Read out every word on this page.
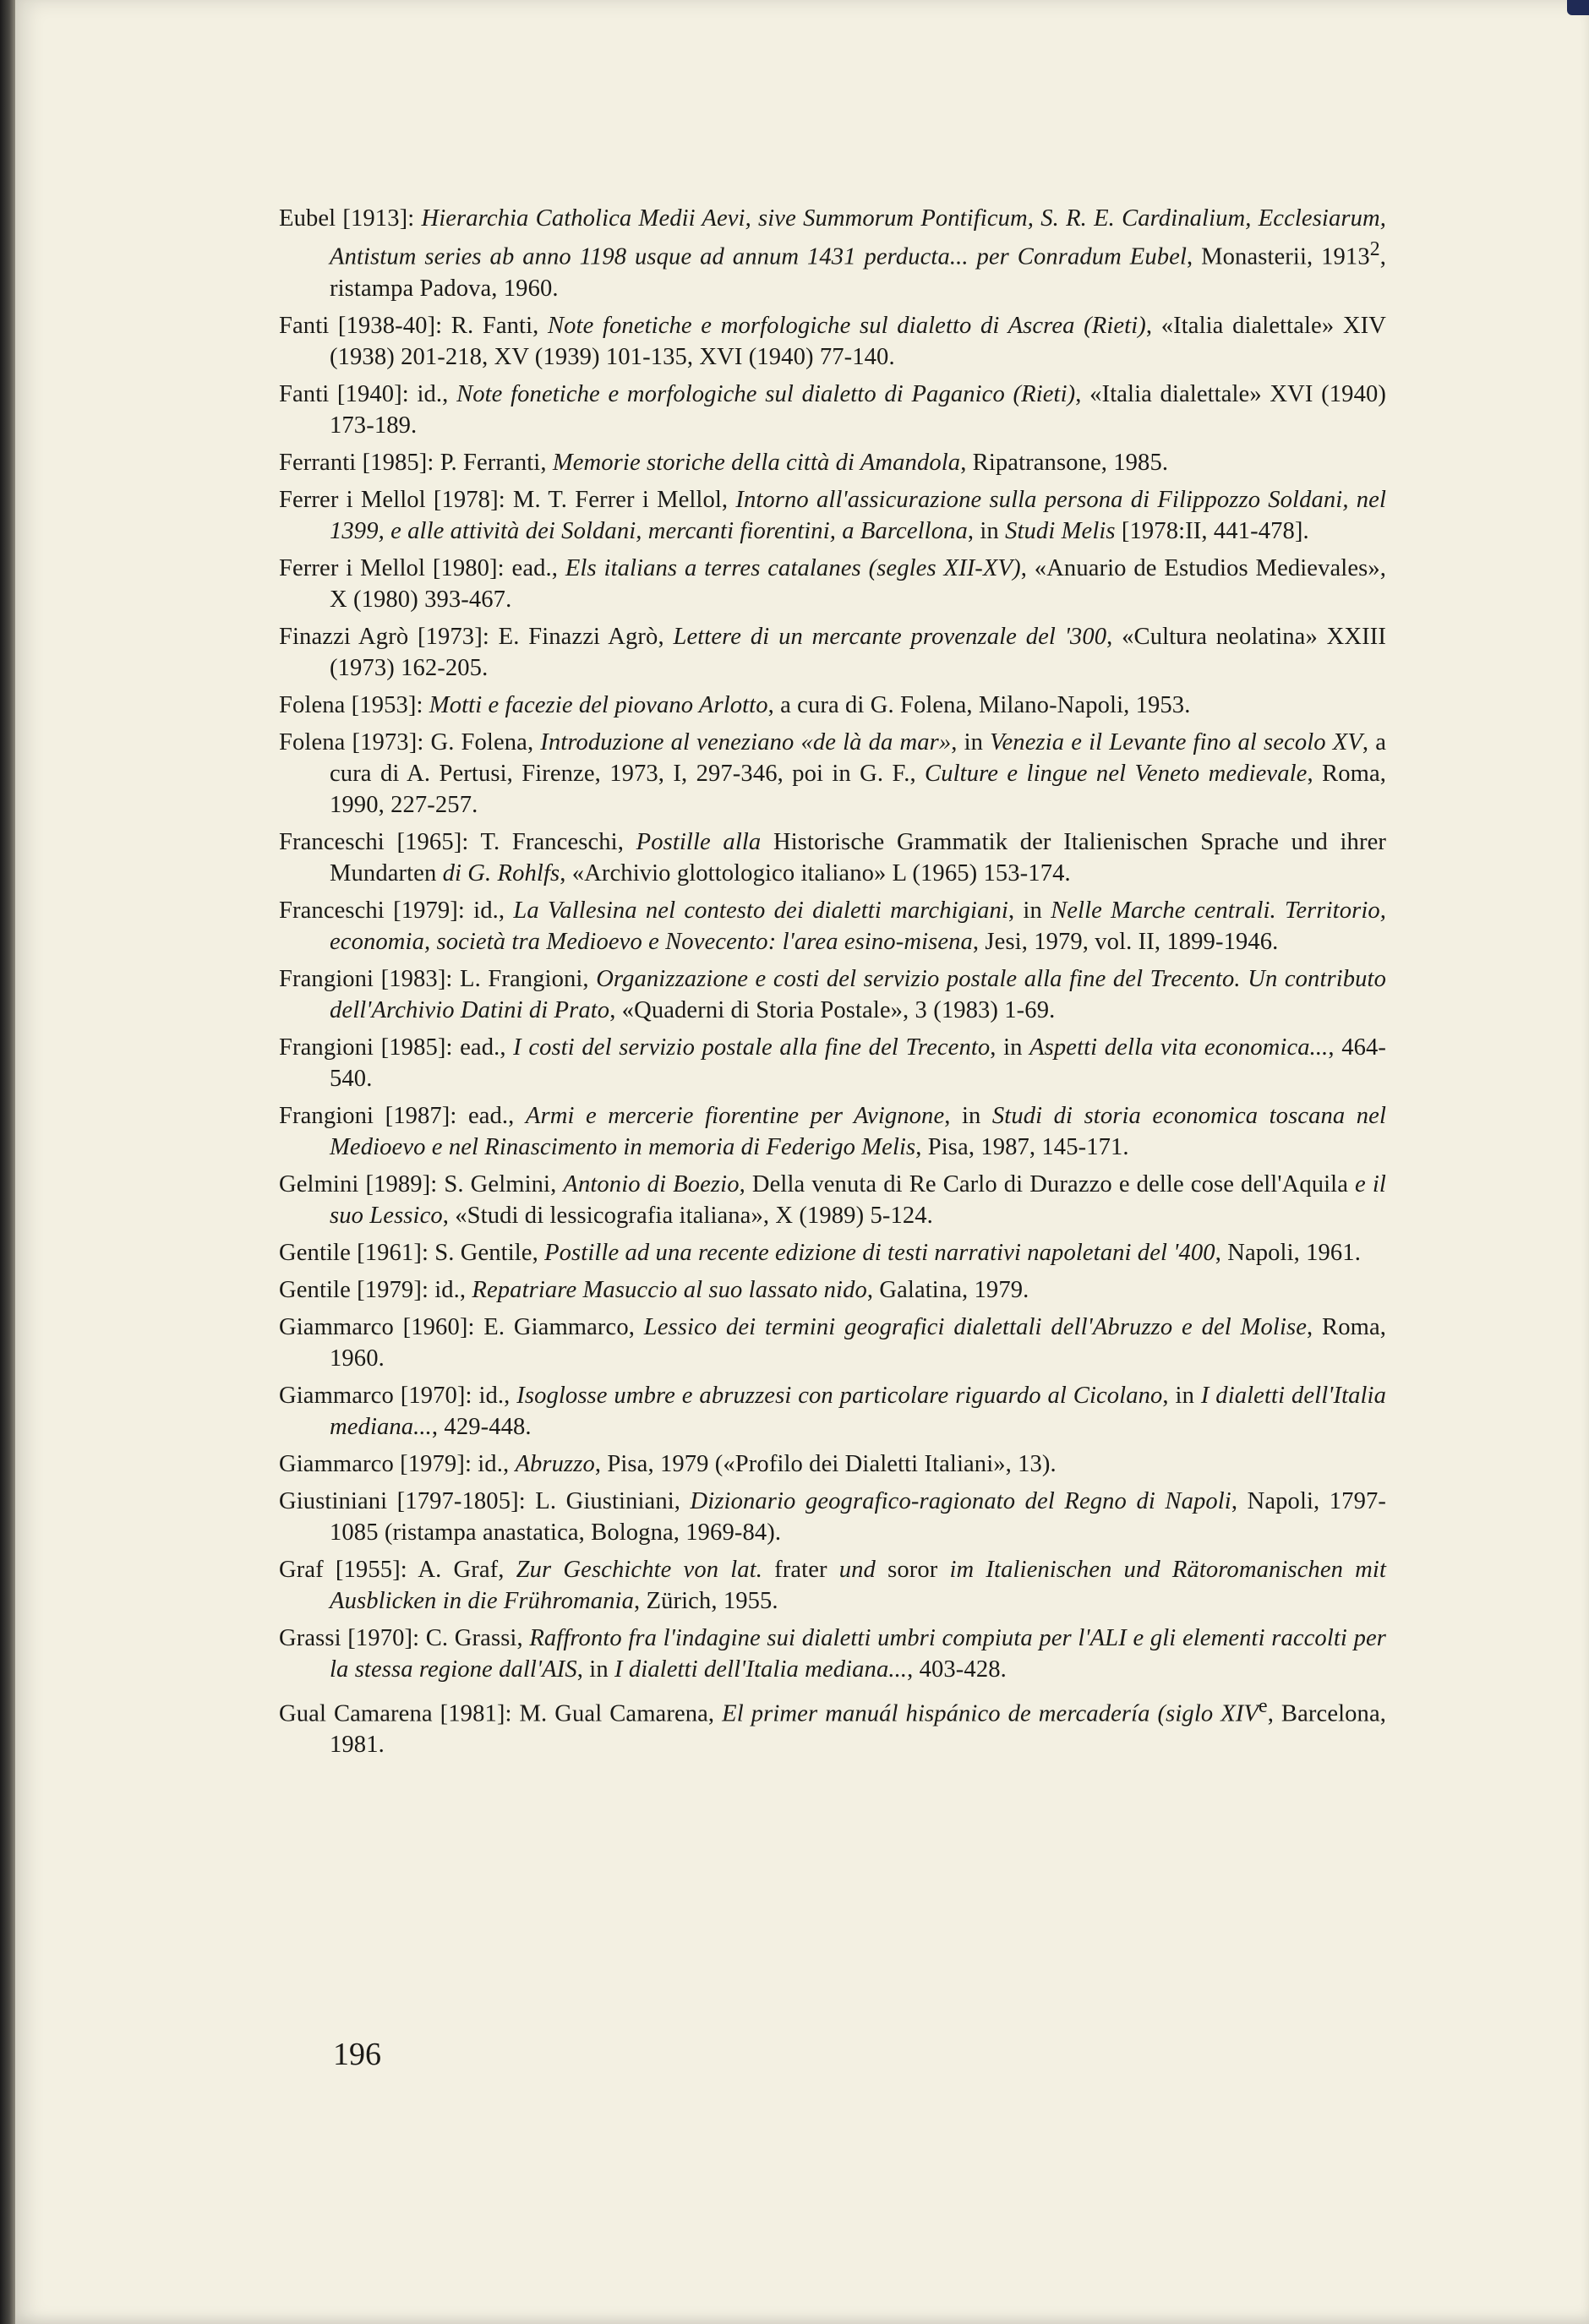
Eubel [1913]: Hierarchia Catholica Medii Aevi, sive Summorum Pontificum, S. R. E. Cardinalium, Ecclesiarum, Antistum series ab anno 1198 usque ad annum 1431 perducta... per Conradum Eubel, Monasterii, 1913$^2$, ristampa Padova, 1960.

Fanti [1938-40]: R. Fanti, Note fonetiche e morfologiche sul dialetto di Ascrea (Rieti), «Italia dialettale» XIV (1938) 201-218, XV (1939) 101-135, XVI (1940) 77-140.

Fanti [1940]: id., Note fonetiche e morfologiche sul dialetto di Paganico (Rieti), «Italia dialettale» XVI (1940) 173-189.

Ferranti [1985]: P. Ferranti, Memorie storiche della città di Amandola, Ripatransone, 1985.

Ferrer i Mellol [1978]: M. T. Ferrer i Mellol, Intorno all'assicurazione sulla persona di Filippozzo Soldani, nel 1399, e alle attività dei Soldani, mercanti fiorentini, a Barcellona, in Studi Melis [1978:II, 441-478].

Ferrer i Mellol [1980]: ead., Els italians a terres catalanes (segles XII-XV), «Anuario de Estudios Medievales», X (1980) 393-467.

Finazzi Agrò [1973]: E. Finazzi Agrò, Lettere di un mercante provenzale del '300, «Cultura neolatina» XXIII (1973) 162-205.

Folena [1953]: Motti e facezie del piovano Arlotto, a cura di G. Folena, Milano-Napoli, 1953.

Folena [1973]: G. Folena, Introduzione al veneziano «de là da mar», in Venezia e il Levante fino al secolo XV, a cura di A. Pertusi, Firenze, 1973, I, 297-346, poi in G. F., Culture e lingue nel Veneto medievale, Roma, 1990, 227-257.

Franceschi [1965]: T. Franceschi, Postille alla Historische Grammatik der Italienischen Sprache und ihrer Mundarten di G. Rohlfs, «Archivio glottologico italiano» L (1965) 153-174.

Franceschi [1979]: id., La Vallesina nel contesto dei dialetti marchigiani, in Nelle Marche centrali. Territorio, economia, società tra Medioevo e Novecento: l'area esino-misena, Jesi, 1979, vol. II, 1899-1946.

Frangioni [1983]: L. Frangioni, Organizzazione e costi del servizio postale alla fine del Trecento. Un contributo dell'Archivio Datini di Prato, «Quaderni di Storia Postale», 3 (1983) 1-69.

Frangioni [1985]: ead., I costi del servizio postale alla fine del Trecento, in Aspetti della vita economica..., 464-540.

Frangioni [1987]: ead., Armi e mercerie fiorentine per Avignone, in Studi di storia economica toscana nel Medioevo e nel Rinascimento in memoria di Federigo Melis, Pisa, 1987, 145-171.

Gelmini [1989]: S. Gelmini, Antonio di Boezio, Della venuta di Re Carlo di Durazzo e delle cose dell'Aquila e il suo Lessico, «Studi di lessicografia italiana», X (1989) 5-124.

Gentile [1961]: S. Gentile, Postille ad una recente edizione di testi narrativi napoletani del '400, Napoli, 1961.

Gentile [1979]: id., Repatriare Masuccio al suo lassato nido, Galatina, 1979.

Giammarco [1960]: E. Giammarco, Lessico dei termini geografici dialettali dell'Abruzzo e del Molise, Roma, 1960.

Giammarco [1970]: id., Isoglosse umbre e abruzzesi con particolare riguardo al Cicolano, in I dialetti dell'Italia mediana..., 429-448.

Giammarco [1979]: id., Abruzzo, Pisa, 1979 («Profilo dei Dialetti Italiani», 13).

Giustiniani [1797-1805]: L. Giustiniani, Dizionario geografico-ragionato del Regno di Napoli, Napoli, 1797-1085 (ristampa anastatica, Bologna, 1969-84).

Graf [1955]: A. Graf, Zur Geschichte von lat. frater und soror im Italienischen und Rätoromanischen mit Ausblicken in die Frühromania, Zürich, 1955.

Grassi [1970]: C. Grassi, Raffronto fra l'indagine sui dialetti umbri compiuta per l'ALI e gli elementi raccolti per la stessa regione dall'AIS, in I dialetti dell'Italia mediana..., 403-428.

Gual Camarena [1981]: M. Gual Camarena, El primer manuál hispánico de mercadería (siglo XIVe, Barcelona, 1981.

196
